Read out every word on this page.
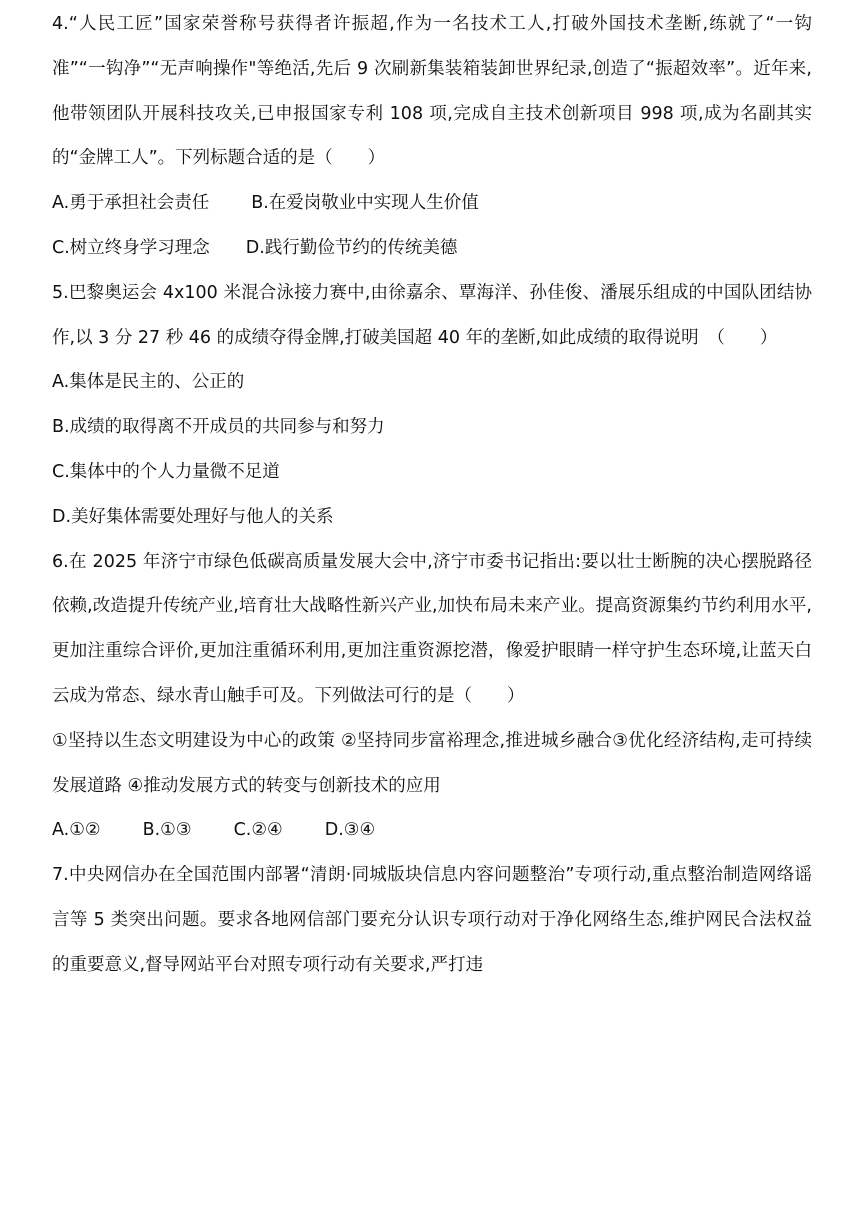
4.“人民工匠”国家荣誉称号获得者许振超,作为一名技术工人,打破外国技术垄断,练就了“一钩准”“一钩净”“无声响操作"等绝活,先后 9 次刷新集装箱装卸世界纪录,创造了“振超效率”。近年来,他带领团队开展科技攻关,已申报国家专利 108 项,完成自主技术创新项目 998 项,成为名副其实的“金牌工人”。下列标题合适的是（　　）

A.勇于承担社会责任 B.在爱岗敬业中实现人生价值

C.树立终身学习理念 D.践行勤俭节约的传统美德

5.巴黎奥运会 4x100 米混合泳接力赛中,由徐嘉余、覃海洋、孙佳俊、潘展乐组成的中国队团结协作,以 3 分 27 秒 46 的成绩夺得金牌,打破美国超 40 年的垄断,如此成绩的取得说明　（　　）

A.集体是民主的、公正的

B.成绩的取得离不开成员的共同参与和努力

C.集体中的个人力量微不足道

D.美好集体需要处理好与他人的关系

6.在 2025 年济宁市绿色低碳高质量发展大会中,济宁市委书记指出:要以壮士断腕的决心摆脱路径依赖,改造提升传统产业,培育壮大战略性新兴产业,加快布局未来产业。提高资源集约节约利用水平,更加注重综合评价,更加注重循环利用,更加注重资源挖潜，像爱护眼睛一样守护生态环境,让蓝天白云成为常态、绿水青山触手可及。下列做法可行的是（　　）

①坚持以生态文明建设为中心的政策 ②坚持同步富裕理念,推进城乡融合③优化经济结构,走可持续发展道路 ④推动发展方式的转变与创新技术的应用

A.①② B.①③ C.②④ D.③④

7.中央网信办在全国范围内部署“清朗·同城版块信息内容问题整治”专项行动,重点整治制造网络谣言等 5 类突出问题。要求各地网信部门要充分认识专项行动对于净化网络生态,维护网民合法权益的重要意义,督导网站平台对照专项行动有关要求,严打违
